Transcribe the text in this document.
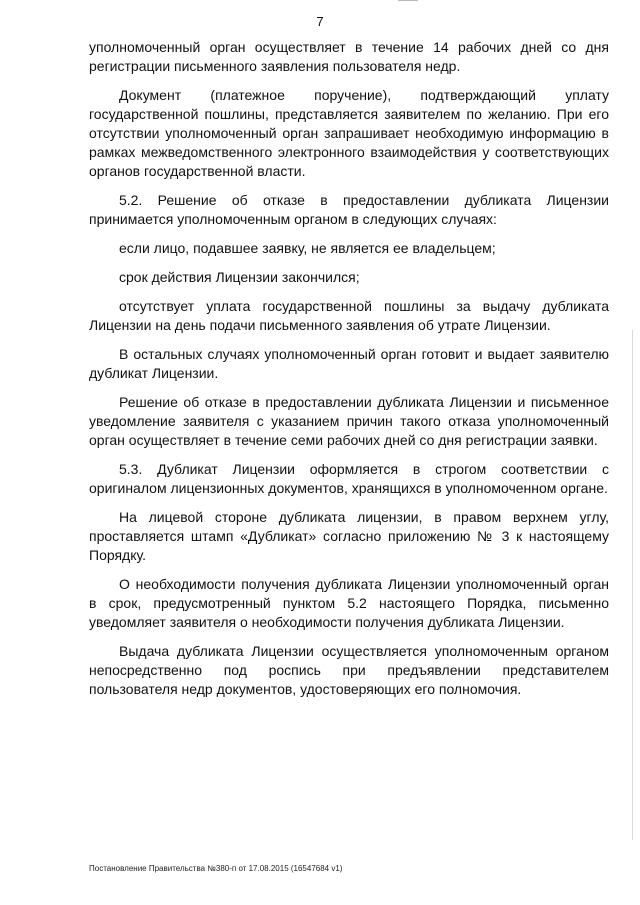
7

уполномоченный орган осуществляет в течение 14 рабочих дней со дня регистрации письменного заявления пользователя недр.

Документ (платежное поручение), подтверждающий уплату государственной пошлины, представляется заявителем по желанию. При его отсутствии уполномоченный орган запрашивает необходимую информацию в рамках межведомственного электронного взаимодействия у соответствующих органов государственной власти.

5.2. Решение об отказе в предоставлении дубликата Лицензии принимается уполномоченным органом в следующих случаях:

если лицо, подавшее заявку, не является ее владельцем;

срок действия Лицензии закончился;

отсутствует уплата государственной пошлины за выдачу дубликата Лицензии на день подачи письменного заявления об утрате Лицензии.

В остальных случаях уполномоченный орган готовит и выдает заявителю дубликат Лицензии.

Решение об отказе в предоставлении дубликата Лицензии и письменное уведомление заявителя с указанием причин такого отказа уполномоченный орган осуществляет в течение семи рабочих дней со дня регистрации заявки.

5.3. Дубликат Лицензии оформляется в строгом соответствии с оригиналом лицензионных документов, хранящихся в уполномоченном органе.

На лицевой стороне дубликата лицензии, в правом верхнем углу, проставляется штамп «Дубликат» согласно приложению № 3 к настоящему Порядку.

О необходимости получения дубликата Лицензии уполномоченный орган в срок, предусмотренный пунктом 5.2 настоящего Порядка, письменно уведомляет заявителя о необходимости получения дубликата Лицензии.

Выдача дубликата Лицензии осуществляется уполномоченным органом непосредственно под роспись при предъявлении представителем пользователя недр документов, удостоверяющих его полномочия.

Постановление Правительства №380-п от 17.08.2015 (16547684 v1)
